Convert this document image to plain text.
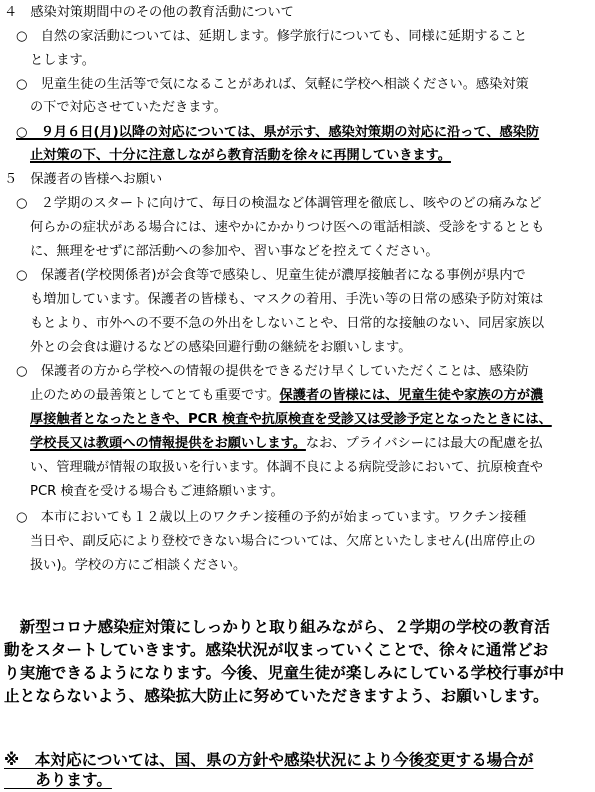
４　感染対策期間中のその他の教育活動について
○　自然の家活動については、延期します。修学旅行についても、同様に延期すること
とします。
○　児童生徒の生活等で気になることがあれば、気軽に学校へ相談ください。感染対策
の下で対応させていただきます。
○　９月６日(月)以降の対応については、県が示す、感染対策期の対応に沿って、感染防
止対策の下、十分に注意しながら教育活動を徐々に再開していきます。
５　保護者の皆様へお願い
○　２学期のスタートに向けて、毎日の検温など体調管理を徹底し、咳やのどの痛みなど
何らかの症状がある場合には、速やかにかかりつけ医への電話相談、受診をするととも
に、無理をせずに部活動への参加や、習い事などを控えてください。
○　保護者(学校関係者)が会食等で感染し、児童生徒が濃厚接触者になる事例が県内で
も増加しています。保護者の皆様も、マスクの着用、手洗い等の日常の感染予防対策は
もとより、市外への不要不急の外出をしないことや、日常的な接触のない、同居家族以
外との会食は避けるなどの感染回避行動の継続をお願いします。
○　保護者の方から学校への情報の提供をできるだけ早くしていただくことは、感染防
止のための最善策としてとても重要です。保護者の皆様には、児童生徒や家族の方が濃
厚接触者となったときや、PCR 検査や抗原検査を受診又は受診予定となったときには、
学校長又は教頭への情報提供をお願いします。なお、プライバシーには最大の配慮を払
い、管理職が情報の取扱いを行います。体調不良による病院受診において、抗原検査や
PCR 検査を受ける場合もご連絡願います。
○　本市においても１２歳以上のワクチン接種の予約が始まっています。ワクチン接種
当日や、副反応により登校できない場合については、欠席といたしません(出席停止の
扱い)。学校の方にご相談ください。
　新型コロナ感染症対策にしっかりと取り組みながら、２学期の学校の教育活
動をスタートしていきます。感染状況が収まっていくことで、徐々に通常どお
り実施できるようになります。今後、児童生徒が楽しみにしている学校行事が中
止とならないよう、感染拡大防止に努めていただきますよう、お願いします。
※　本対応については、国、県の方針や感染状況により今後変更する場合が
　　あります。
